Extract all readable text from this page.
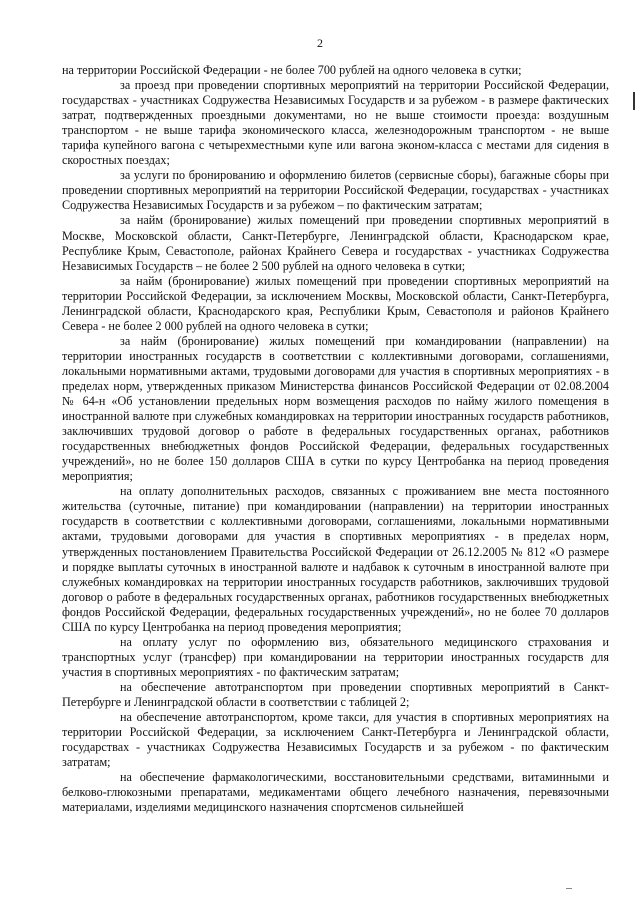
2

на территории Российской Федерации - не более 700 рублей на одного человека в сутки;

за проезд при проведении спортивных мероприятий на территории Российской Федерации, государствах - участниках Содружества Независимых Государств и за рубежом - в размере фактических затрат, подтвержденных проездными документами, но не выше стоимости проезда: воздушным транспортом - не выше тарифа экономического класса, железнодорожным транспортом - не выше тарифа купейного вагона с четырехместными купе или вагона эконом-класса с местами для сидения в скоростных поездах;

за услуги по бронированию и оформлению билетов (сервисные сборы), багажные сборы при проведении спортивных мероприятий на территории Российской Федерации, государствах - участниках Содружества Независимых Государств и за рубежом – по фактическим затратам;

за найм (бронирование) жилых помещений при проведении спортивных мероприятий в Москве, Московской области, Санкт-Петербурге, Ленинградской области, Краснодарском крае, Республике Крым, Севастополе, районах Крайнего Севера и государствах - участниках Содружества Независимых Государств – не более 2 500 рублей на одного человека в сутки;

за найм (бронирование) жилых помещений при проведении спортивных мероприятий на территории Российской Федерации, за исключением Москвы, Московской области, Санкт-Петербурга, Ленинградской области, Краснодарского края, Республики Крым, Севастополя и районов Крайнего Севера - не более 2 000 рублей на одного человека в сутки;

за найм (бронирование) жилых помещений при командировании (направлении) на территории иностранных государств в соответствии с коллективными договорами, соглашениями, локальными нормативными актами, трудовыми договорами для участия в спортивных мероприятиях - в пределах норм, утвержденных приказом Министерства финансов Российской Федерации от 02.08.2004 № 64-н «Об установлении предельных норм возмещения расходов по найму жилого помещения в иностранной валюте при служебных командировках на территории иностранных государств работников, заключивших трудовой договор о работе в федеральных государственных органах, работников государственных внебюджетных фондов Российской Федерации, федеральных государственных учреждений», но не более 150 долларов США в сутки по курсу Центробанка на период проведения мероприятия;

на оплату дополнительных расходов, связанных с проживанием вне места постоянного жительства (суточные, питание) при командировании (направлении) на территории иностранных государств в соответствии с коллективными договорами, соглашениями, локальными нормативными актами, трудовыми договорами для участия в спортивных мероприятиях - в пределах норм, утвержденных постановлением Правительства Российской Федерации от 26.12.2005 № 812 «О размере и порядке выплаты суточных в иностранной валюте и надбавок к суточным в иностранной валюте при служебных командировках на территории иностранных государств работников, заключивших трудовой договор о работе в федеральных государственных органах, работников государственных внебюджетных фондов Российской Федерации, федеральных государственных учреждений», но не более 70 долларов США по курсу Центробанка на период проведения мероприятия;

на оплату услуг по оформлению виз, обязательного медицинского страхования и транспортных услуг (трансфер) при командировании на территории иностранных государств для участия в спортивных мероприятиях - по фактическим затратам;

на обеспечение автотранспортом при проведении спортивных мероприятий в Санкт-Петербурге и Ленинградской области в соответствии с таблицей 2;

на обеспечение автотранспортом, кроме такси, для участия в спортивных мероприятиях на территории Российской Федерации, за исключением Санкт-Петербурга и Ленинградской области, государствах - участниках Содружества Независимых Государств и за рубежом - по фактическим затратам;

на обеспечение фармакологическими, восстановительными средствами, витаминными и белково-глюкозными препаратами, медикаментами общего лечебного назначения, перевязочными материалами, изделиями медицинского назначения спортсменов сильнейшей
